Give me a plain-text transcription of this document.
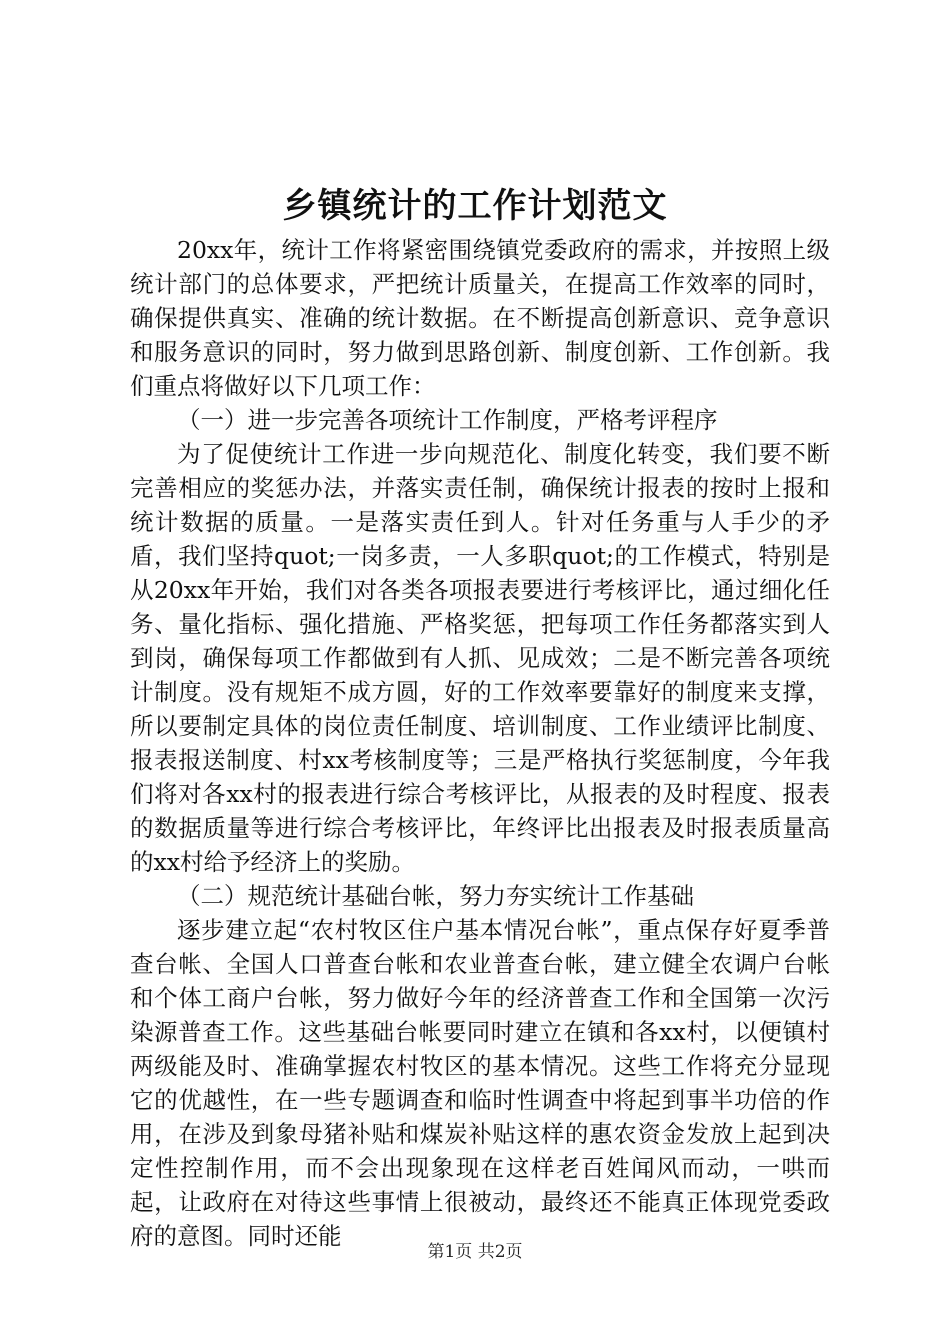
乡镇统计的工作计划范文

20xx年，统计工作将紧密围绕镇党委政府的需求，并按照上级统计部门的总体要求，严把统计质量关，在提高工作效率的同时，确保提供真实、准确的统计数据。在不断提高创新意识、竞争意识和服务意识的同时，努力做到思路创新、制度创新、工作创新。我们重点将做好以下几项工作：

（一）进一步完善各项统计工作制度，严格考评程序

为了促使统计工作进一步向规范化、制度化转变，我们要不断完善相应的奖惩办法，并落实责任制，确保统计报表的按时上报和统计数据的质量。一是落实责任到人。针对任务重与人手少的矛盾，我们坚持quot;一岗多责，一人多职quot;的工作模式，特别是从20xx年开始，我们对各类各项报表要进行考核评比，通过细化任务、量化指标、强化措施、严格奖惩，把每项工作任务都落实到人到岗，确保每项工作都做到有人抓、见成效；二是不断完善各项统计制度。没有规矩不成方圆，好的工作效率要靠好的制度来支撑，所以要制定具体的岗位责任制度、培训制度、工作业绩评比制度、报表报送制度、村xx考核制度等；三是严格执行奖惩制度，今年我们将对各xx村的报表进行综合考核评比，从报表的及时程度、报表的数据质量等进行综合考核评比，年终评比出报表及时报表质量高的xx村给予经济上的奖励。

（二）规范统计基础台帐，努力夯实统计工作基础

逐步建立起“农村牧区住户基本情况台帐”，重点保存好夏季普查台帐、全国人口普查台帐和农业普查台帐，建立健全农调户台帐和个体工商户台帐，努力做好今年的经济普查工作和全国第一次污染源普查工作。这些基础台帐要同时建立在镇和各xx村，以便镇村两级能及时、准确掌握农村牧区的基本情况。这些工作将充分显现它的优越性，在一些专题调查和临时性调查中将起到事半功倍的作用，在涉及到象母猪补贴和煤炭补贴这样的惠农资金发放上起到决定性控制作用，而不会出现象现在这样老百姓闻风而动，一哄而起，让政府在对待这些事情上很被动，最终还不能真正体现党委政府的意图。同时还能

第1页 共2页
